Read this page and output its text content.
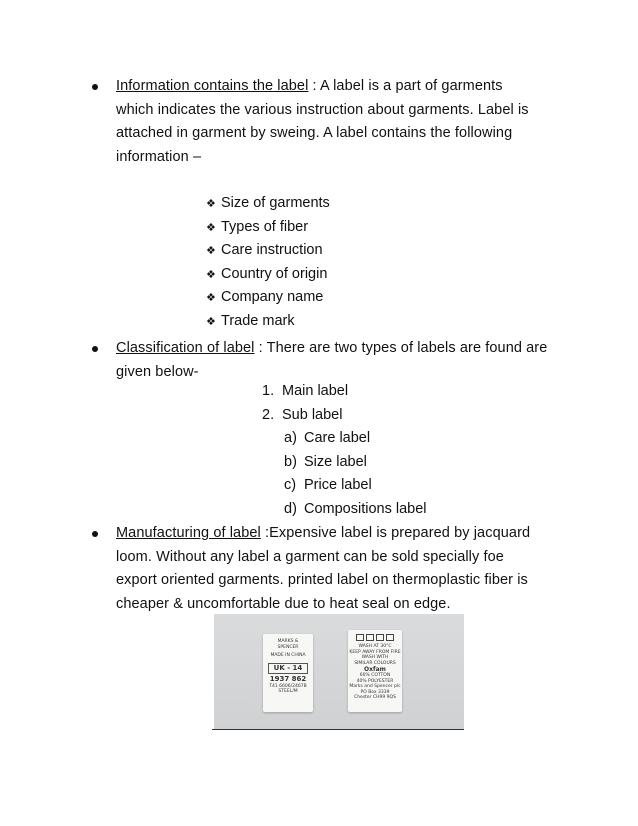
Information contains the label : A label is a part of garments
which indicates the various instruction about garments. Label is
attached in garment by sweing. A label contains the following
information –
❖ Size of garments
❖ Types of fiber
❖ Care instruction
❖ Country of origin
❖ Company name
❖ Trade mark
Classification of label : There are two types of labels are found are
given below-
1. Main label
2. Sub label
a) Care label
b) Size label
c) Price label
d) Compositions label
Manufacturing of label :Expensive label is prepared by jacquard
loom. Without any label a garment can be sold specially foe
export oriented garments. printed label on thermoplastic fiber is
cheaper & uncomfortable due to heat seal on edge.
MARKS &
SPENCER
MADE IN CHINA
UK - 14
1937 862
T41 6606/2467B
STEEL/M
WASH AT 30°C
KEEP AWAY FROM FIRE
WASH WITH
SIMILAR COLOURS
Oxfam
60% COTTON
40% POLYESTER
Marks and Spencer plc
PO Box 3339
Chester CH99 9QS
